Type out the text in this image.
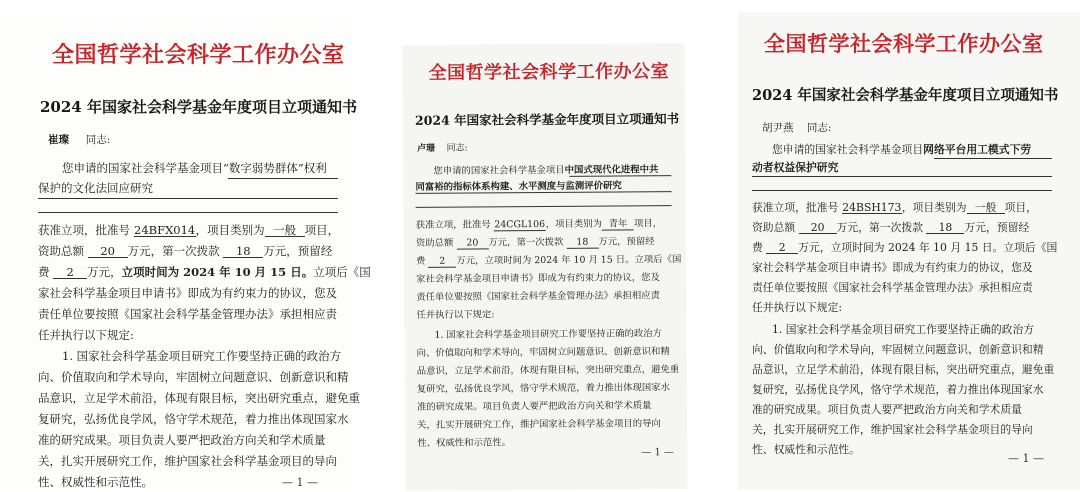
全国哲学社会科学工作办公室
2024 年国家社会科学基金年度项目立项通知书
崔璨 同志:
您申请的国家社会科学基金项目“数字弱势群体”权利
保护的文化法回应研究
获准立项，批准号 24BFX014，项目类别为 一般 项目，
资助总额 20 万元，第一次拨款 18 万元，预留经
费 2 万元，立项时间为 2024 年 10 月 15 日。立项后《国
家社会科学基金项目申请书》即成为有约束力的协议，您及
责任单位要按照《国家社会科学基金管理办法》承担相应责
任并执行以下规定:
1. 国家社会科学基金项目研究工作要坚持正确的政治方
向、价值取向和学术导向，牢固树立问题意识、创新意识和精
品意识，立足学术前沿，体现有限目标，突出研究重点，避免重
复研究，弘扬优良学风，恪守学术规范，着力推出体现国家水
准的研究成果。项目负责人要严把政治方向关和学术质量
关，扎实开展研究工作，维护国家社会科学基金项目的导向
性、权威性和示范性。	— 1 —
全国哲学社会科学工作办公室
2024 年国家社会科学基金年度项目立项通知书
卢珊 同志:
您申请的国家社会科学基金项目中国式现代化进程中共
同富裕的指标体系构建、水平测度与监测评价研究
获准立项，批准号 24CGL106，项目类别为 青年 项目，
资助总额 20 万元，第一次拨款 18 万元，预留经
费 2 万元，立项时间为 2024 年 10 月 15 日。立项后《国
家社会科学基金项目申请书》即成为有约束力的协议，您及
责任单位要按照《国家社会科学基金管理办法》承担相应责
任并执行以下规定:
1. 国家社会科学基金项目研究工作要坚持正确的政治方
向、价值取向和学术导向，牢固树立问题意识、创新意识和精
品意识，立足学术前沿，体现有限目标，突出研究重点，避免重
复研究，弘扬优良学风，恪守学术规范，着力推出体现国家水
准的研究成果。项目负责人要严把政治方向关和学术质量
关，扎实开展研究工作，维护国家社会科学基金项目的导向
性、权威性和示范性。
— 1 —
全国哲学社会科学工作办公室
2024 年国家社会科学基金年度项目立项通知书
胡尹燕 同志:
您申请的国家社会科学基金项目网络平台用工模式下劳
动者权益保护研究
获准立项，批准号 24BSH173，项目类别为 一般 项目，
资助总额 20 万元，第一次拨款 18 万元，预留经
费 2 万元，立项时间为 2024 年 10 月 15 日。立项后《国
家社会科学基金项目申请书》即成为有约束力的协议，您及
责任单位要按照《国家社会科学基金管理办法》承担相应责
任并执行以下规定:
1. 国家社会科学基金项目研究工作要坚持正确的政治方
向、价值取向和学术导向，牢固树立问题意识、创新意识和精
品意识，立足学术前沿，体现有限目标，突出研究重点，避免重
复研究，弘扬优良学风，恪守学术规范，着力推出体现国家水
准的研究成果。项目负责人要严把政治方向关和学术质量
关，扎实开展研究工作，维护国家社会科学基金项目的导向
性、权威性和示范性。
— 1 —
